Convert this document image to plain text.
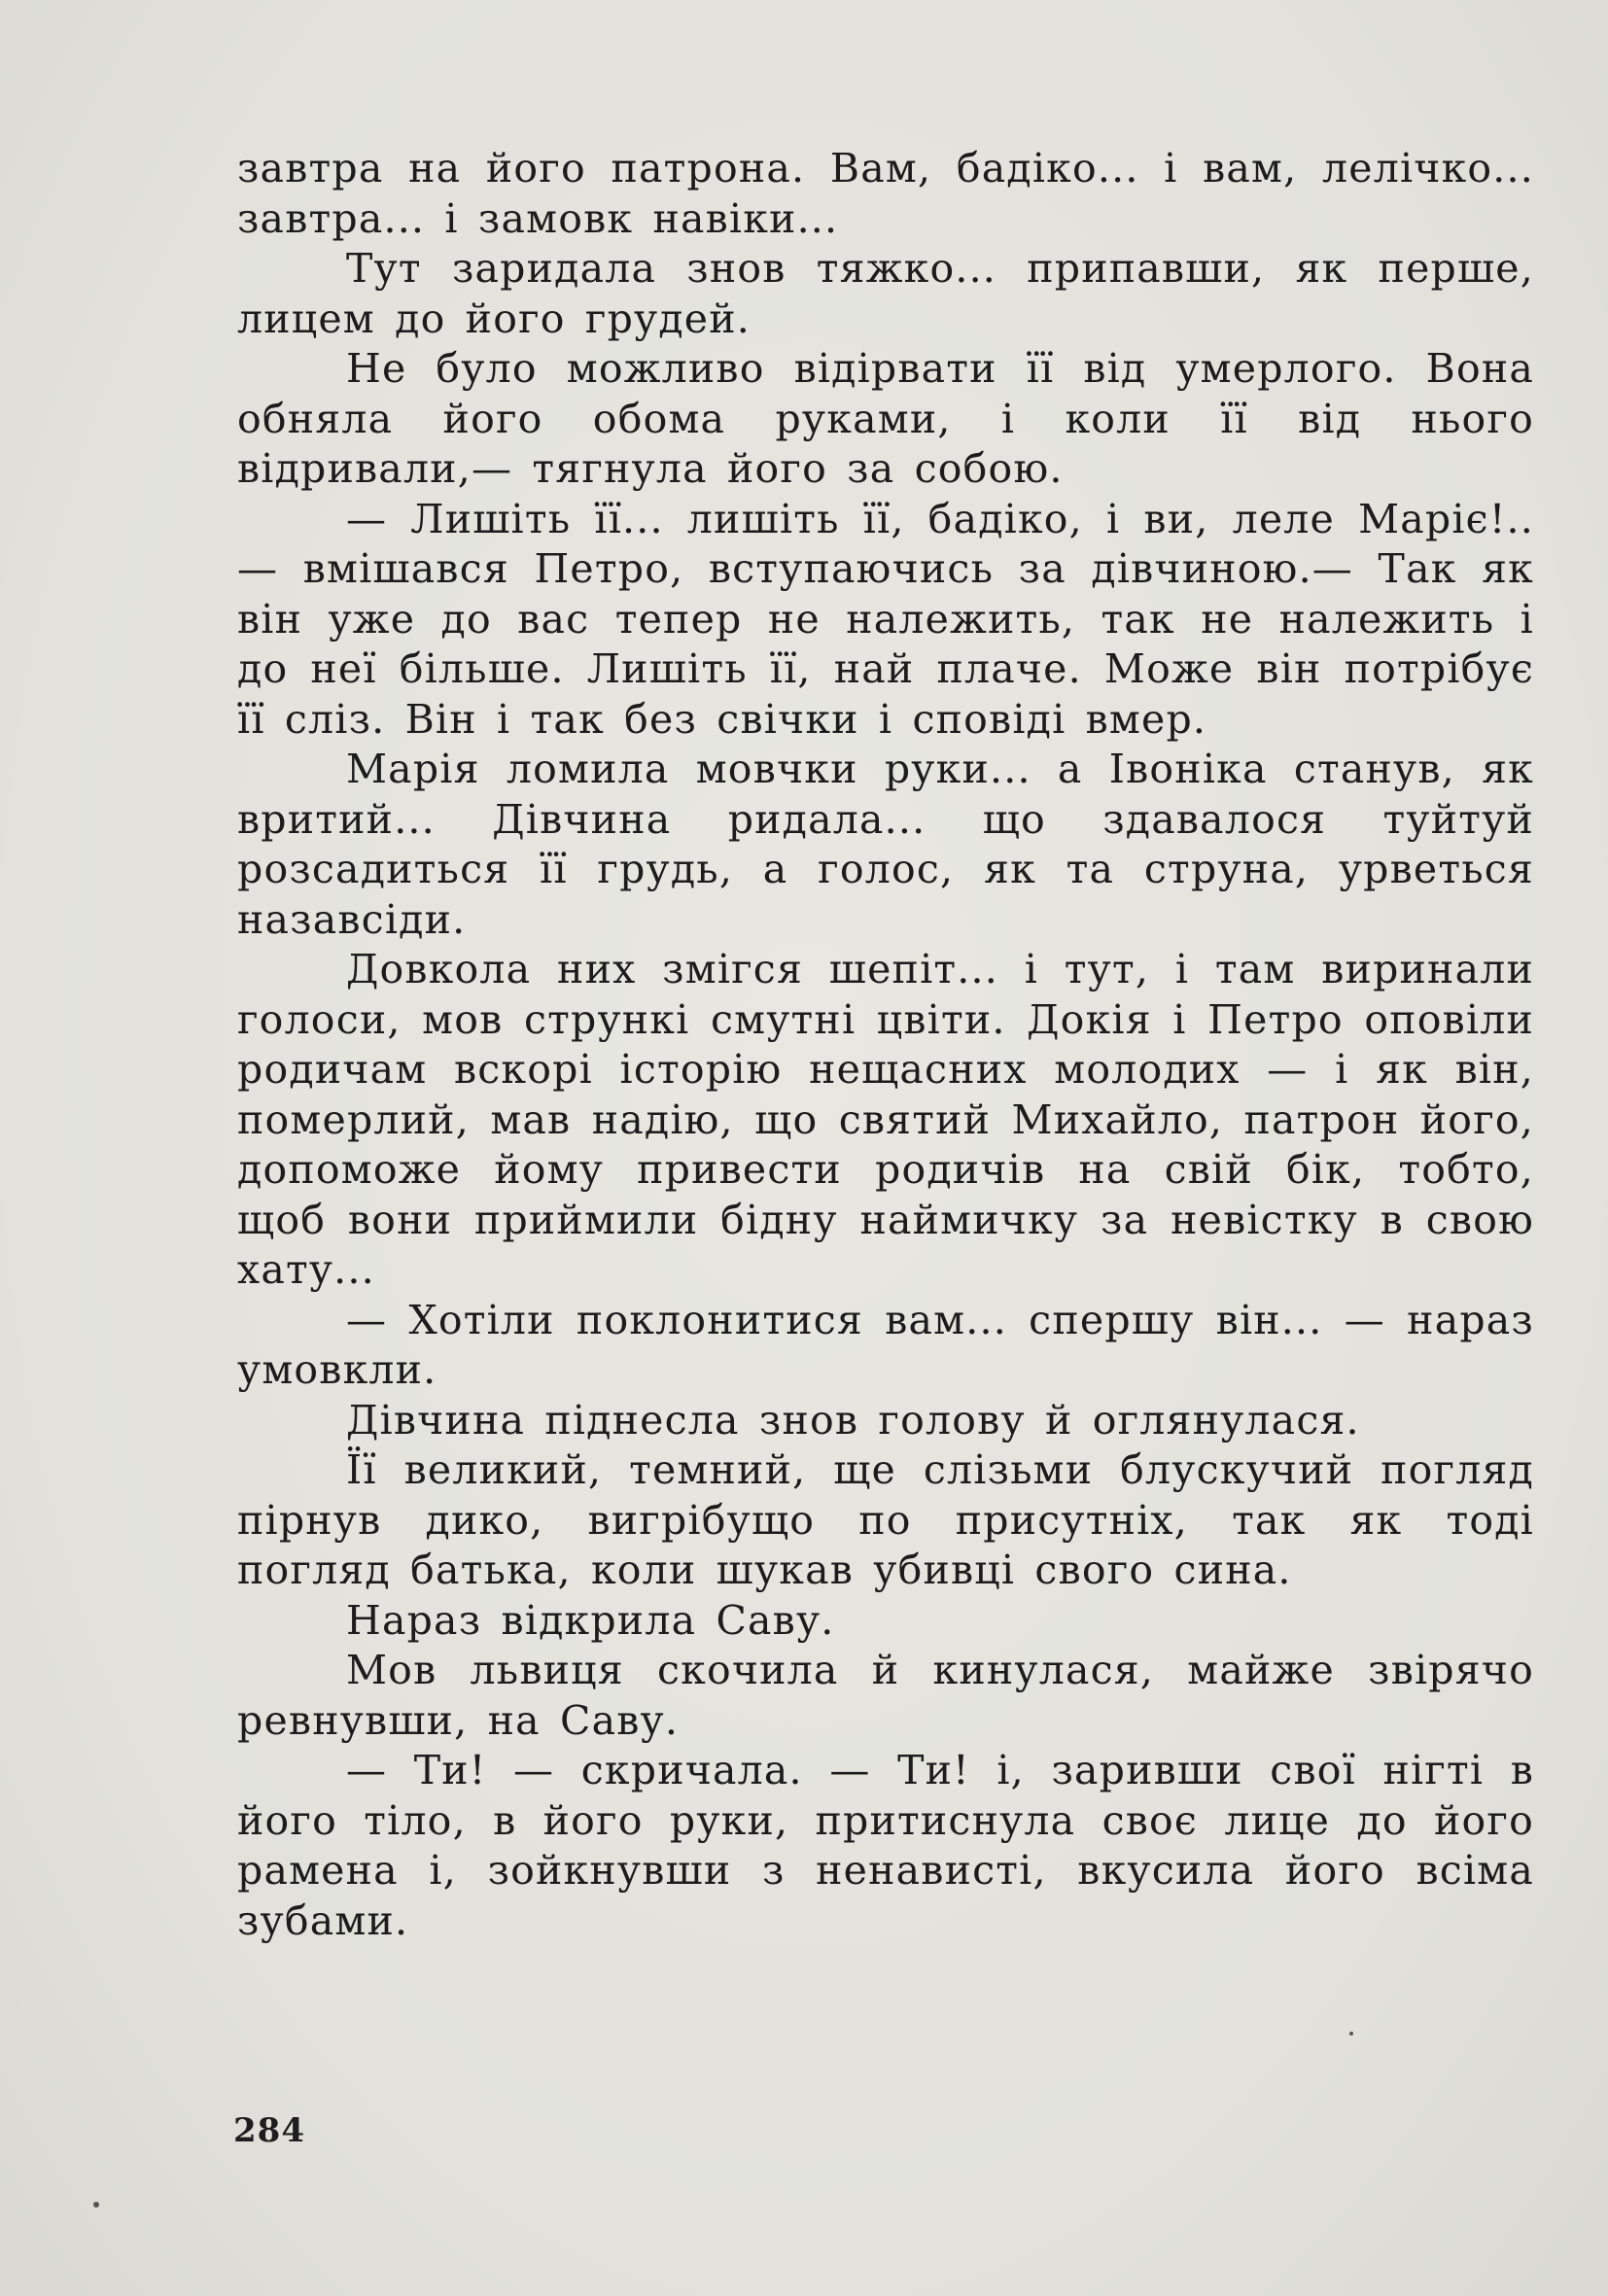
завтра на його патрона. Вам, бадіко... і вам, лелічко... завтра... і замовк навіки...

Тут заридала знов тяжко... припавши, як перше, лицем до його грудей.

Не було можливо відірвати її від умерлого. Вона обняла його обома руками, і коли її від нього відривали,— тягнула його за собою.

— Лишіть її... лишіть її, бадіко, і ви, леле Маріє!..— вмішався Петро, вступаючись за дівчиною.— Так як він уже до вас тепер не належить, так не належить і до неї більше. Лишіть її, най плаче. Може він потрібує її сліз. Він і так без свічки і сповіді вмер.

Марія ломила мовчки руки... а Івоніка станув, як вритий... Дівчина ридала... що здавалося туйтуй розсадиться її грудь, а голос, як та струна, урветься назавсіди.

Довкола них змігся шепіт... і тут, і там виринали голоси, мов стрункі смутні цвіти. Докія і Петро оповіли родичам вскорі історію нещасних молодих — і як він, померлий, мав надію, що святий Михайло, патрон його, допоможе йому привести родичів на свій бік, тобто, щоб вони приймили бідну наймичку за невістку в свою хату...

— Хотіли поклонитися вам... спершу він... — нараз умовкли.

Дівчина піднесла знов голову й оглянулася.

Її великий, темний, ще слізьми блускучий погляд пірнув дико, вигрібущо по присутніх, так як тоді погляд батька, коли шукав убивці свого сина.

Нараз відкрила Саву.

Мов львиця скочила й кинулася, майже звірячо ревнувши, на Саву.

— Ти! — скричала. — Ти! і, заривши свої нігті в його тіло, в його руки, притиснула своє лице до його рамена і, зойкнувши з ненависті, вкусила його всіма зубами.

284
